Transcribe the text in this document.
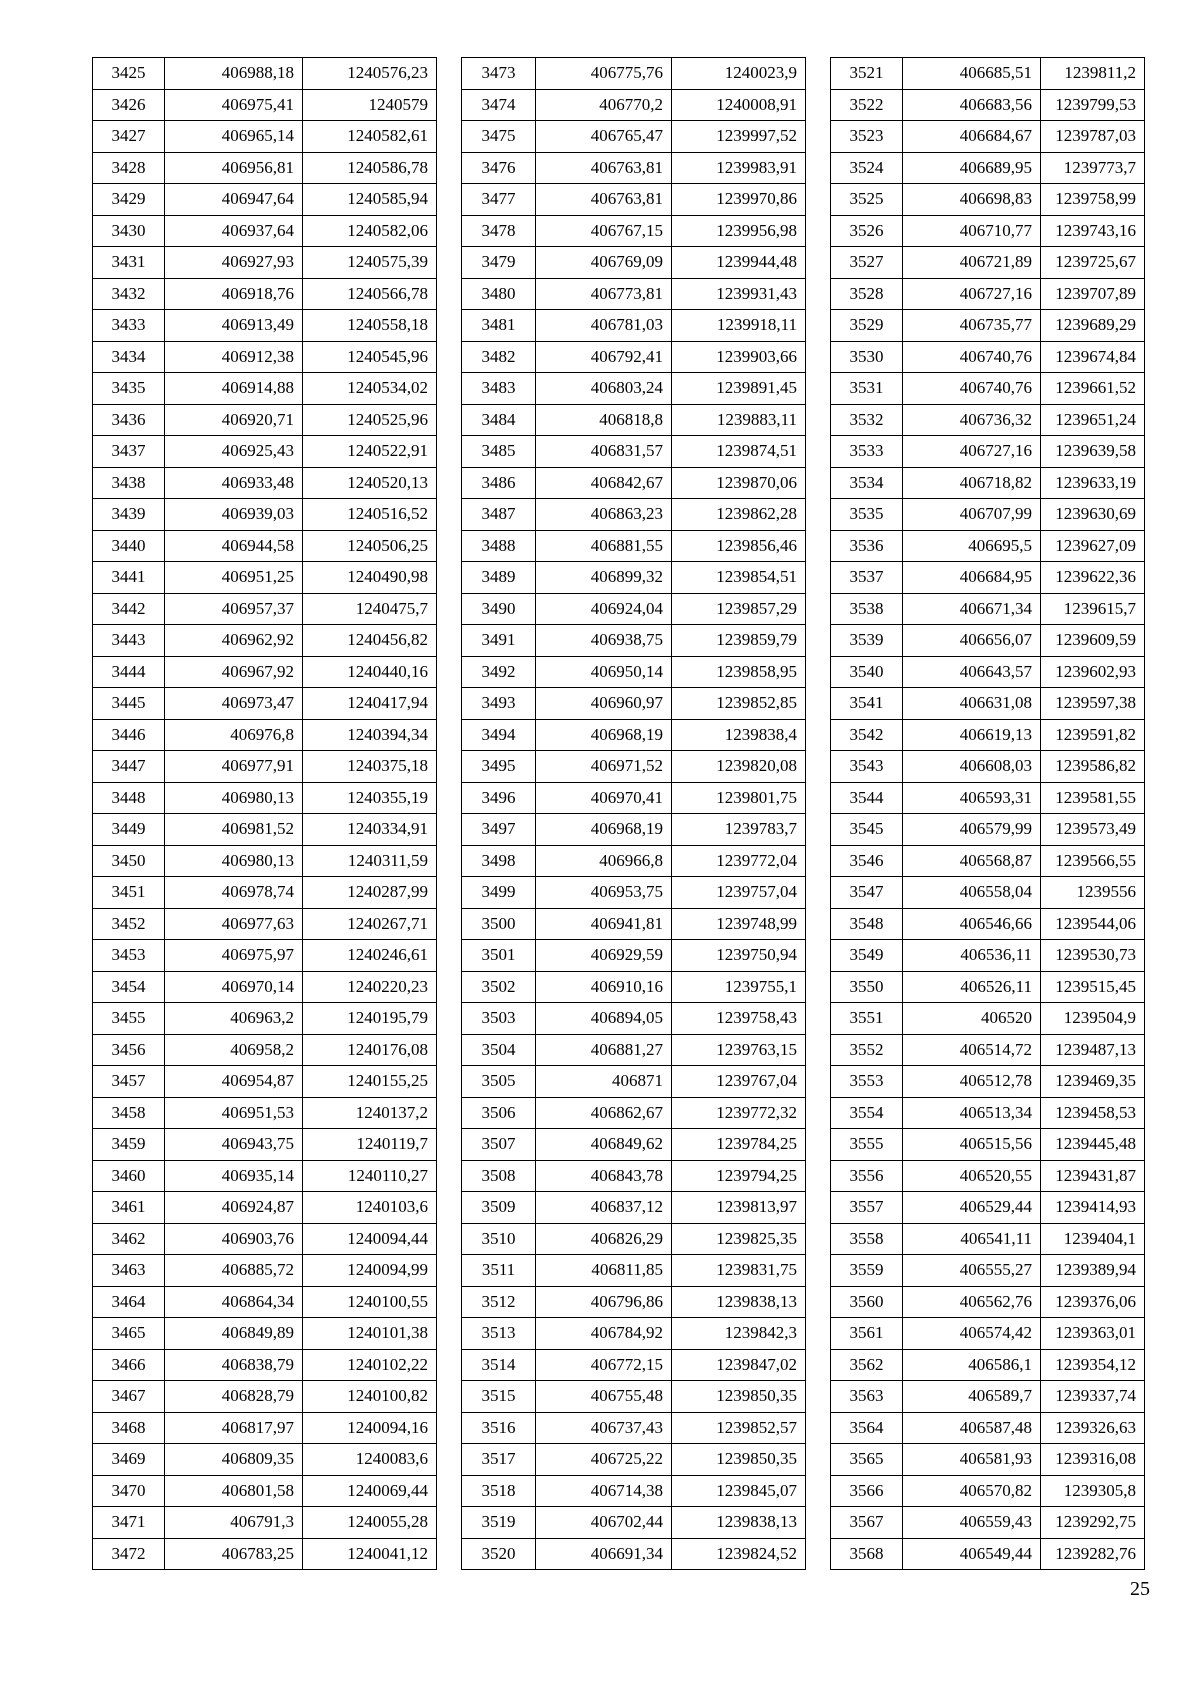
3425	406988,18	1240576,23
3426	406975,41	1240579
3427	406965,14	1240582,61
3428	406956,81	1240586,78
3429	406947,64	1240585,94
3430	406937,64	1240582,06
3431	406927,93	1240575,39
3432	406918,76	1240566,78
3433	406913,49	1240558,18
3434	406912,38	1240545,96
3435	406914,88	1240534,02
3436	406920,71	1240525,96
3437	406925,43	1240522,91
3438	406933,48	1240520,13
3439	406939,03	1240516,52
3440	406944,58	1240506,25
3441	406951,25	1240490,98
3442	406957,37	1240475,7
3443	406962,92	1240456,82
3444	406967,92	1240440,16
3445	406973,47	1240417,94
3446	406976,8	1240394,34
3447	406977,91	1240375,18
3448	406980,13	1240355,19
3449	406981,52	1240334,91
3450	406980,13	1240311,59
3451	406978,74	1240287,99
3452	406977,63	1240267,71
3453	406975,97	1240246,61
3454	406970,14	1240220,23
3455	406963,2	1240195,79
3456	406958,2	1240176,08
3457	406954,87	1240155,25
3458	406951,53	1240137,2
3459	406943,75	1240119,7
3460	406935,14	1240110,27
3461	406924,87	1240103,6
3462	406903,76	1240094,44
3463	406885,72	1240094,99
3464	406864,34	1240100,55
3465	406849,89	1240101,38
3466	406838,79	1240102,22
3467	406828,79	1240100,82
3468	406817,97	1240094,16
3469	406809,35	1240083,6
3470	406801,58	1240069,44
3471	406791,3	1240055,28
3472	406783,25	1240041,12
3473	406775,76	1240023,9
3474	406770,2	1240008,91
3475	406765,47	1239997,52
3476	406763,81	1239983,91
3477	406763,81	1239970,86
3478	406767,15	1239956,98
3479	406769,09	1239944,48
3480	406773,81	1239931,43
3481	406781,03	1239918,11
3482	406792,41	1239903,66
3483	406803,24	1239891,45
3484	406818,8	1239883,11
3485	406831,57	1239874,51
3486	406842,67	1239870,06
3487	406863,23	1239862,28
3488	406881,55	1239856,46
3489	406899,32	1239854,51
3490	406924,04	1239857,29
3491	406938,75	1239859,79
3492	406950,14	1239858,95
3493	406960,97	1239852,85
3494	406968,19	1239838,4
3495	406971,52	1239820,08
3496	406970,41	1239801,75
3497	406968,19	1239783,7
3498	406966,8	1239772,04
3499	406953,75	1239757,04
3500	406941,81	1239748,99
3501	406929,59	1239750,94
3502	406910,16	1239755,1
3503	406894,05	1239758,43
3504	406881,27	1239763,15
3505	406871	1239767,04
3506	406862,67	1239772,32
3507	406849,62	1239784,25
3508	406843,78	1239794,25
3509	406837,12	1239813,97
3510	406826,29	1239825,35
3511	406811,85	1239831,75
3512	406796,86	1239838,13
3513	406784,92	1239842,3
3514	406772,15	1239847,02
3515	406755,48	1239850,35
3516	406737,43	1239852,57
3517	406725,22	1239850,35
3518	406714,38	1239845,07
3519	406702,44	1239838,13
3520	406691,34	1239824,52
3521	406685,51	1239811,2
3522	406683,56	1239799,53
3523	406684,67	1239787,03
3524	406689,95	1239773,7
3525	406698,83	1239758,99
3526	406710,77	1239743,16
3527	406721,89	1239725,67
3528	406727,16	1239707,89
3529	406735,77	1239689,29
3530	406740,76	1239674,84
3531	406740,76	1239661,52
3532	406736,32	1239651,24
3533	406727,16	1239639,58
3534	406718,82	1239633,19
3535	406707,99	1239630,69
3536	406695,5	1239627,09
3537	406684,95	1239622,36
3538	406671,34	1239615,7
3539	406656,07	1239609,59
3540	406643,57	1239602,93
3541	406631,08	1239597,38
3542	406619,13	1239591,82
3543	406608,03	1239586,82
3544	406593,31	1239581,55
3545	406579,99	1239573,49
3546	406568,87	1239566,55
3547	406558,04	1239556
3548	406546,66	1239544,06
3549	406536,11	1239530,73
3550	406526,11	1239515,45
3551	406520	1239504,9
3552	406514,72	1239487,13
3553	406512,78	1239469,35
3554	406513,34	1239458,53
3555	406515,56	1239445,48
3556	406520,55	1239431,87
3557	406529,44	1239414,93
3558	406541,11	1239404,1
3559	406555,27	1239389,94
3560	406562,76	1239376,06
3561	406574,42	1239363,01
3562	406586,1	1239354,12
3563	406589,7	1239337,74
3564	406587,48	1239326,63
3565	406581,93	1239316,08
3566	406570,82	1239305,8
3567	406559,43	1239292,75
3568	406549,44	1239282,76
25
